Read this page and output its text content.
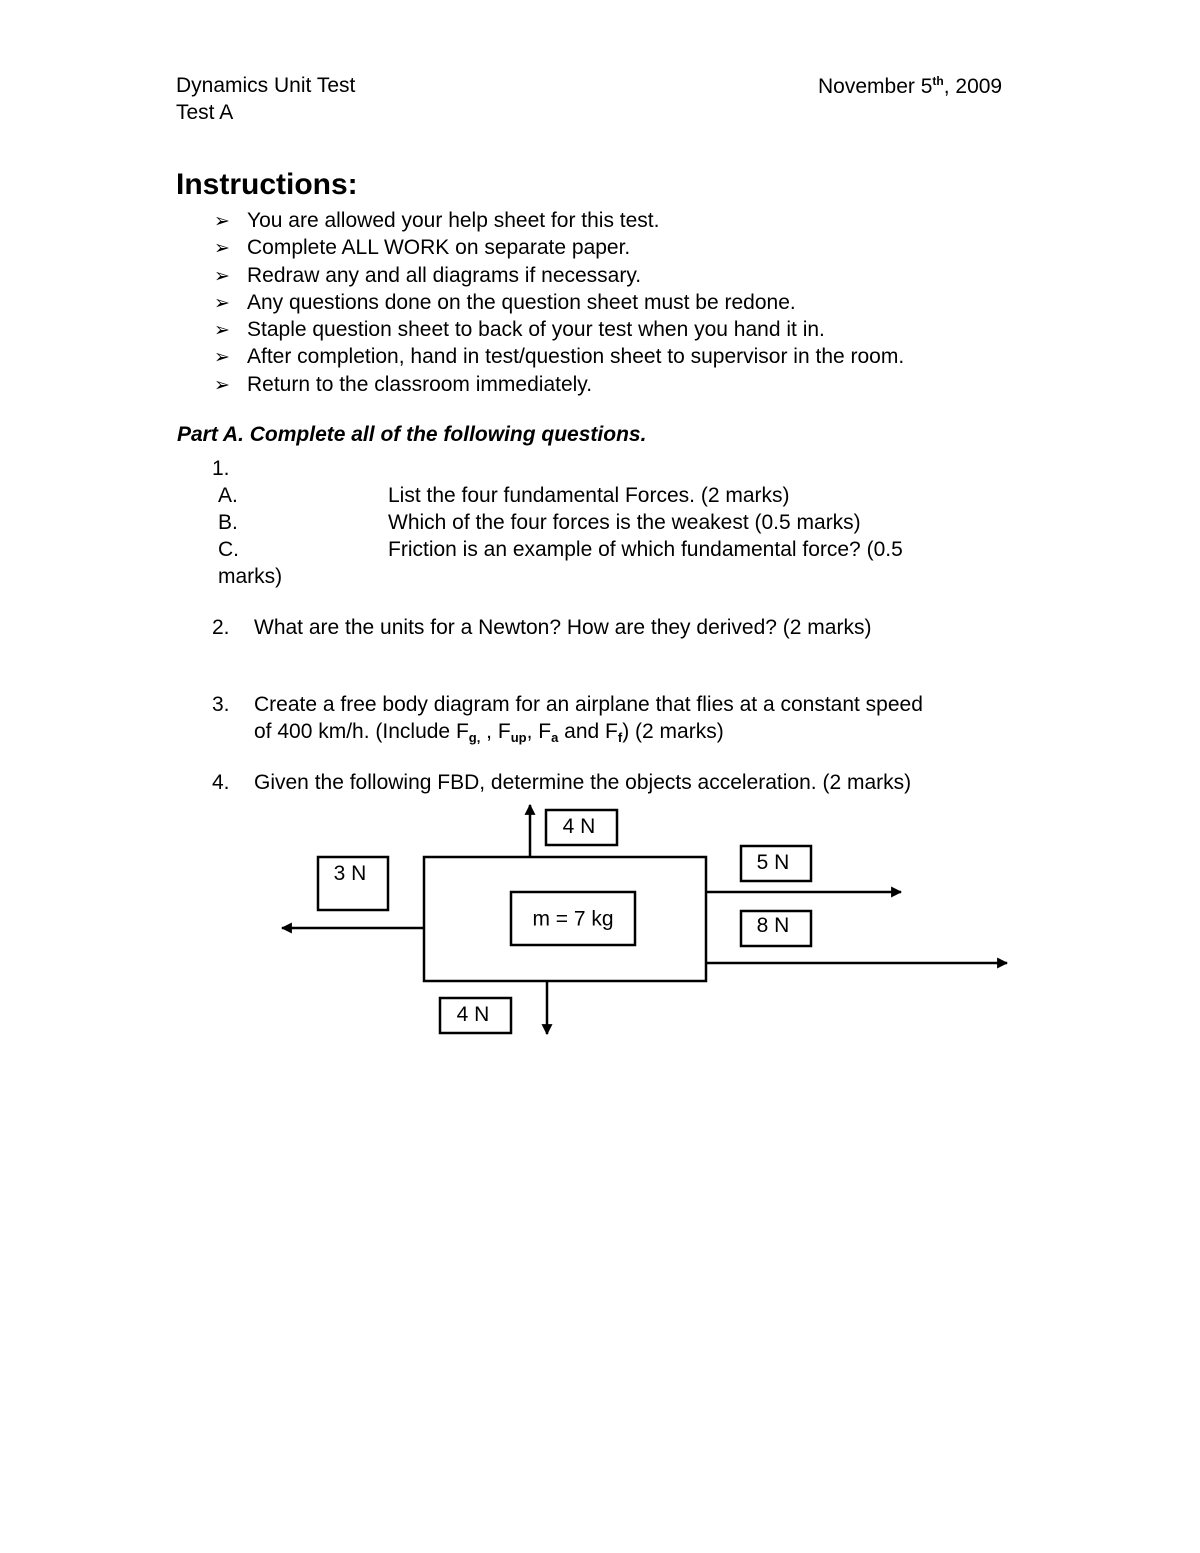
Dynamics Unit Test
Test A
November 5th, 2009
Instructions:
➢ You are allowed your help sheet for this test.
➢ Complete ALL WORK on separate paper.
➢ Redraw any and all diagrams if necessary.
➢ Any questions done on the question sheet must be redone.
➢ Staple question sheet to back of your test when you hand it in.
➢ After completion, hand in test/question sheet to supervisor in the room.
➢ Return to the classroom immediately.
Part A. Complete all of the following questions.
1.
A.	List the four fundamental Forces. (2 marks)
B.	Which of the four forces is the weakest (0.5 marks)
C.	Friction is an example of which fundamental force? (0.5
marks)
2. What are the units for a Newton? How are they derived? (2 marks)
3. Create a free body diagram for an airplane that flies at a constant speed
of 400 km/h. (Include $F_{g,}$ , $F_{up}$, $F_a$ and $F_f$) (2 marks)
4. Given the following FBD, determine the objects acceleration. (2 marks)
m = 7 kg
4 N
4 N
3 N	5 N
8 N
